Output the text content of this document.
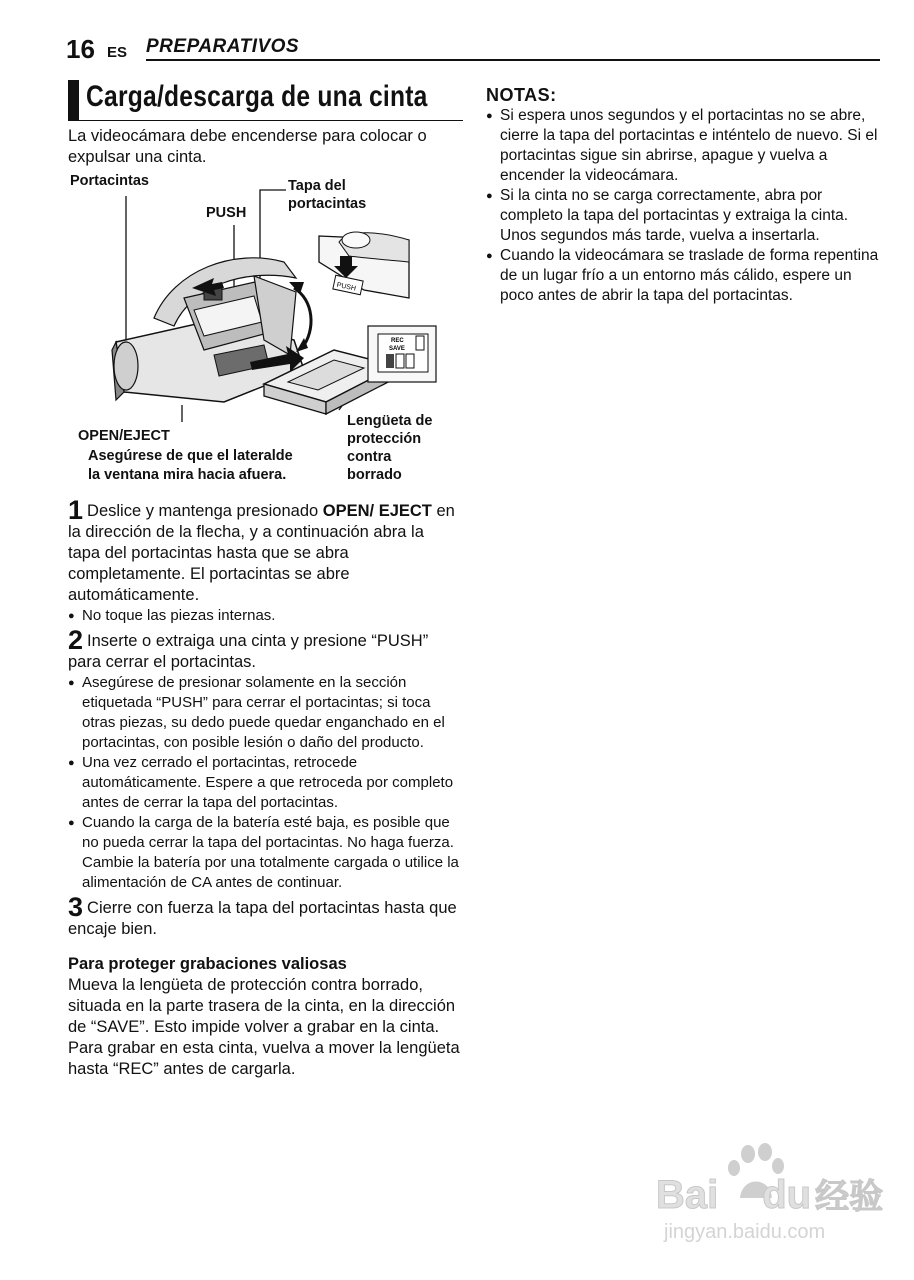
16 ES PREPARATIVOS
Carga/descarga de una cinta
La videocámara debe encenderse para colocar o expulsar una cinta.
PUSH
REC
SAVE
Portacintas	Tapa del
portacintas
PUSH
OPEN/EJECT
Asegúrese de que el lateralde
la ventana mira hacia afuera.
Lengüeta de
protección
contra
borrado

1 Deslice y mantenga presionado OPEN/ EJECT en la dirección de la flecha, y a continuación abra la tapa del portacintas hasta que se abra completamente. El portacintas se abre automáticamente.

● No toque las piezas internas.

2 Inserte o extraiga una cinta y presione “PUSH” para cerrar el portacintas.

● Asegúrese de presionar solamente en la sección etiquetada “PUSH” para cerrar el portacintas; si toca otras piezas, su dedo puede quedar enganchado en el portacintas, con posible lesión o daño del producto.

● Una vez cerrado el portacintas, retrocede automáticamente. Espere a que retroceda por completo antes de cerrar la tapa del portacintas.

● Cuando la carga de la batería esté baja, es posible que no pueda cerrar la tapa del portacintas. No haga fuerza. Cambie la batería por una totalmente cargada o utilice la alimentación de CA antes de continuar.

3 Cierre con fuerza la tapa del portacintas hasta que encaje bien.

Para proteger grabaciones valiosas

Mueva la lengüeta de protección contra borrado, situada en la parte trasera de la cinta, en la dirección de “SAVE”. Esto impide volver a grabar en la cinta. Para grabar en esta cinta, vuelva a mover la lengüeta hasta “REC” antes de cargarla.

NOTAS:

● Si espera unos segundos y el portacintas no se abre, cierre la tapa del portacintas e inténtelo de nuevo. Si el portacintas sigue sin abrirse, apague y vuelva a encender la videocámara.

● Si la cinta no se carga correctamente, abra por completo la tapa del portacintas y extraiga la cinta. Unos segundos más tarde, vuelva a insertarla.

● Cuando la videocámara se traslade de forma repentina de un lugar frío a un entorno más cálido, espere un poco antes de abrir la tapa del portacintas.

Bai du 经验
jingyan.baidu.com
